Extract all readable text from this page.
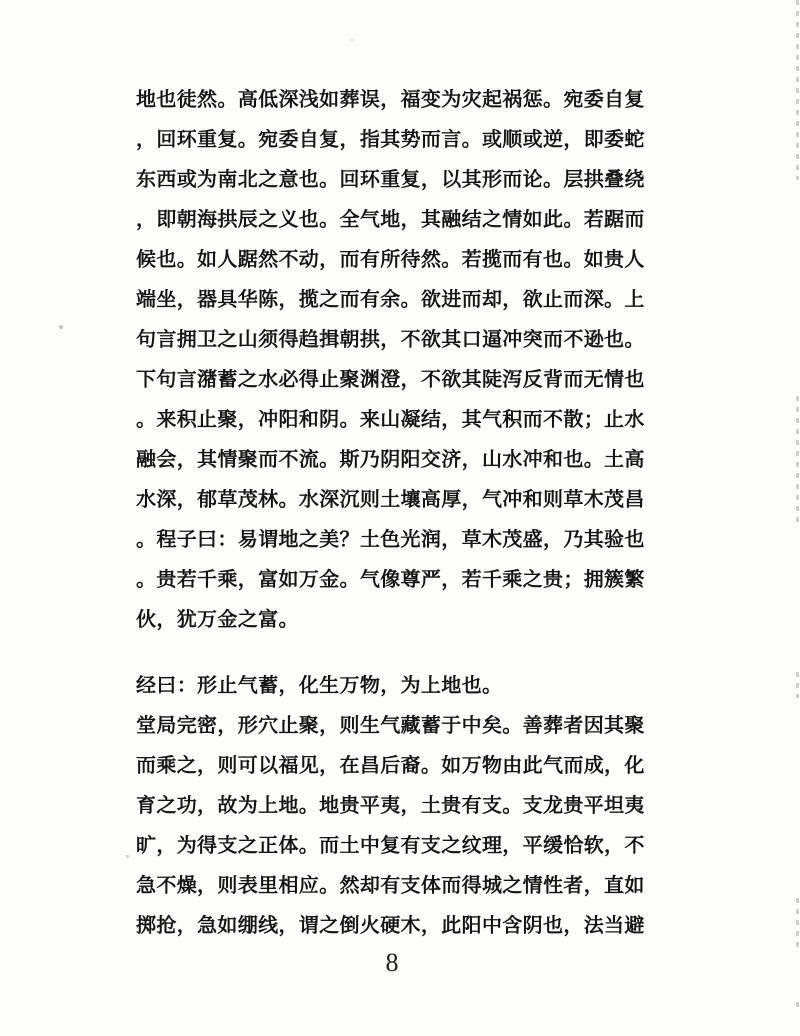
地也徒然。高低深浅如葬误，福变为灾起祸惩。宛委自复
，回环重复。宛委自复，指其势而言。或顺或逆，即委蛇
东西或为南北之意也。回环重复，以其形而论。层拱叠绕
，即朝海拱辰之义也。全气地，其融结之情如此。若踞而
候也。如人踞然不动，而有所待然。若揽而有也。如贵人
端坐，器具华陈，揽之而有余。欲进而却，欲止而深。上
句言拥卫之山须得趋揖朝拱，不欲其口逼冲突而不逊也。
下句言潴蓄之水必得止聚渊澄，不欲其陡泻反背而无情也
。来积止聚，冲阳和阴。来山凝结，其气积而不散；止水
融会，其情聚而不流。斯乃阴阳交济，山水冲和也。土高
水深，郁草茂林。水深沉则土壤高厚，气冲和则草木茂昌
。程子曰：易谓地之美？土色光润，草木茂盛，乃其验也
。贵若千乘，富如万金。气像尊严，若千乘之贵；拥簇繁
伙，犹万金之富。
经曰：形止气蓄，化生万物，为上地也。
堂局完密，形穴止聚，则生气藏蓄于中矣。善葬者因其聚
而乘之，则可以福见，在昌后裔。如万物由此气而成，化
育之功，故为上地。地贵平夷，土贵有支。支龙贵平坦夷
旷，为得支之正体。而土中复有支之纹理，平缓恰软，不
急不燥，则表里相应。然却有支体而得城之情性者，直如
掷抢，急如绷线，谓之倒火硬木，此阳中含阴也，法当避
8
